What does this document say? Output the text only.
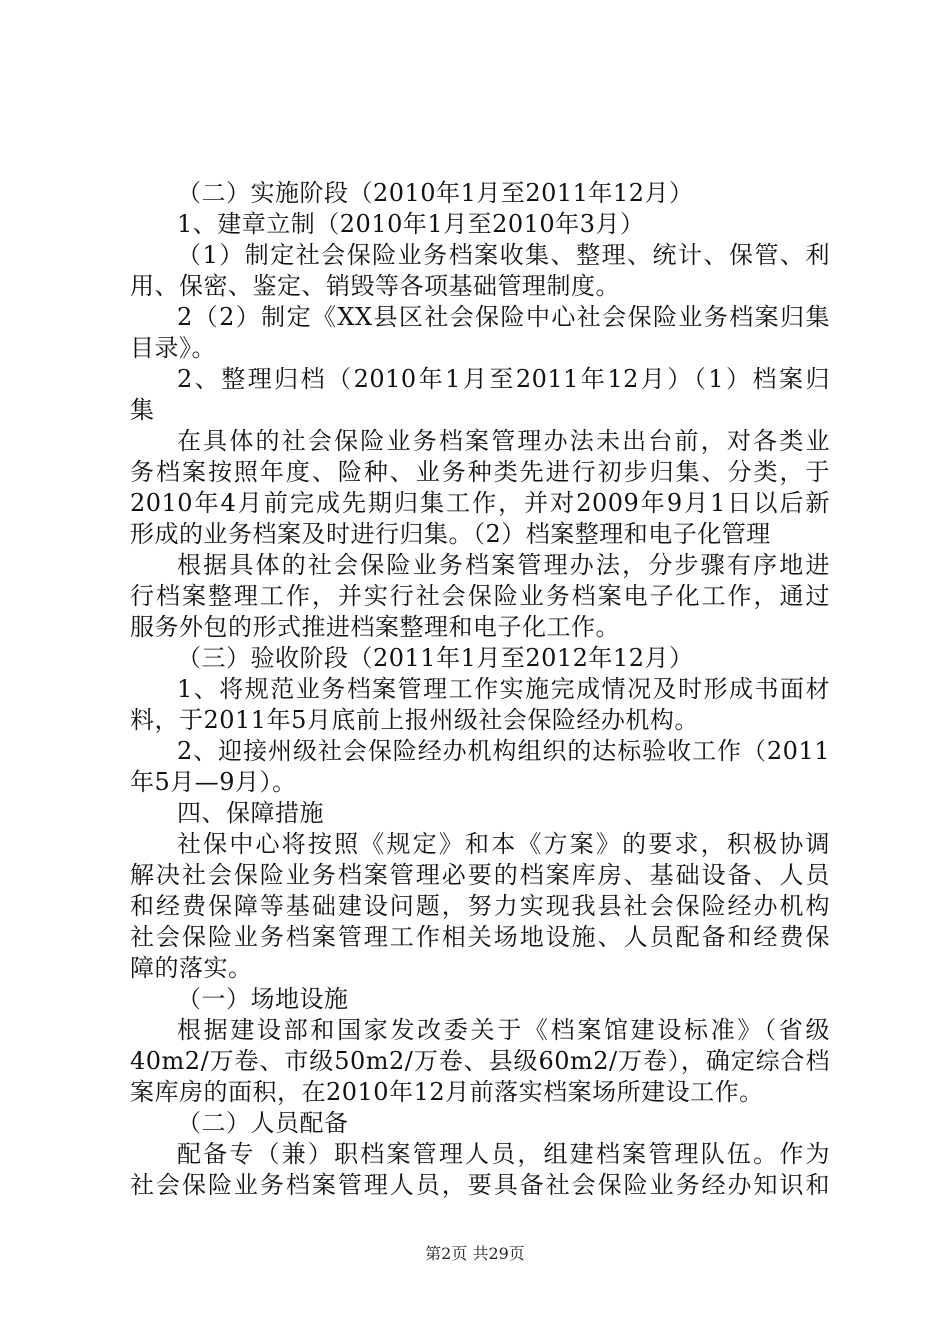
（二）实施阶段（2010年1月至2011年12月）
1、建章立制（2010年1月至2010年3月）
（1）制定社会保险业务档案收集、整理、统计、保管、利
用、保密、鉴定、销毁等各项基础管理制度。
2（2）制定《XX县区社会保险中心社会保险业务档案归集
目录》。
2、整理归档（2010年1月至2011年12月）（1）档案归
集
在具体的社会保险业务档案管理办法未出台前，对各类业
务档案按照年度、险种、业务种类先进行初步归集、分类，于
2010年4月前完成先期归集工作，并对2009年9月1日以后新
形成的业务档案及时进行归集。（2）档案整理和电子化管理
根据具体的社会保险业务档案管理办法，分步骤有序地进
行档案整理工作，并实行社会保险业务档案电子化工作，通过
服务外包的形式推进档案整理和电子化工作。
（三）验收阶段（2011年1月至2012年12月）
1、将规范业务档案管理工作实施完成情况及时形成书面材
料，于2011年5月底前上报州级社会保险经办机构。
2、迎接州级社会保险经办机构组织的达标验收工作（2011
年5月—9月）。
四、保障措施
社保中心将按照《规定》和本《方案》的要求，积极协调
解决社会保险业务档案管理必要的档案库房、基础设备、人员
和经费保障等基础建设问题，努力实现我县社会保险经办机构
社会保险业务档案管理工作相关场地设施、人员配备和经费保
障的落实。
（一）场地设施
根据建设部和国家发改委关于《档案馆建设标准》（省级
40m2/万卷、市级50m2/万卷、县级60m2/万卷），确定综合档
案库房的面积，在2010年12月前落实档案场所建设工作。
（二）人员配备
配备专（兼）职档案管理人员，组建档案管理队伍。作为
社会保险业务档案管理人员，要具备社会保险业务经办知识和
第2页 共29页
